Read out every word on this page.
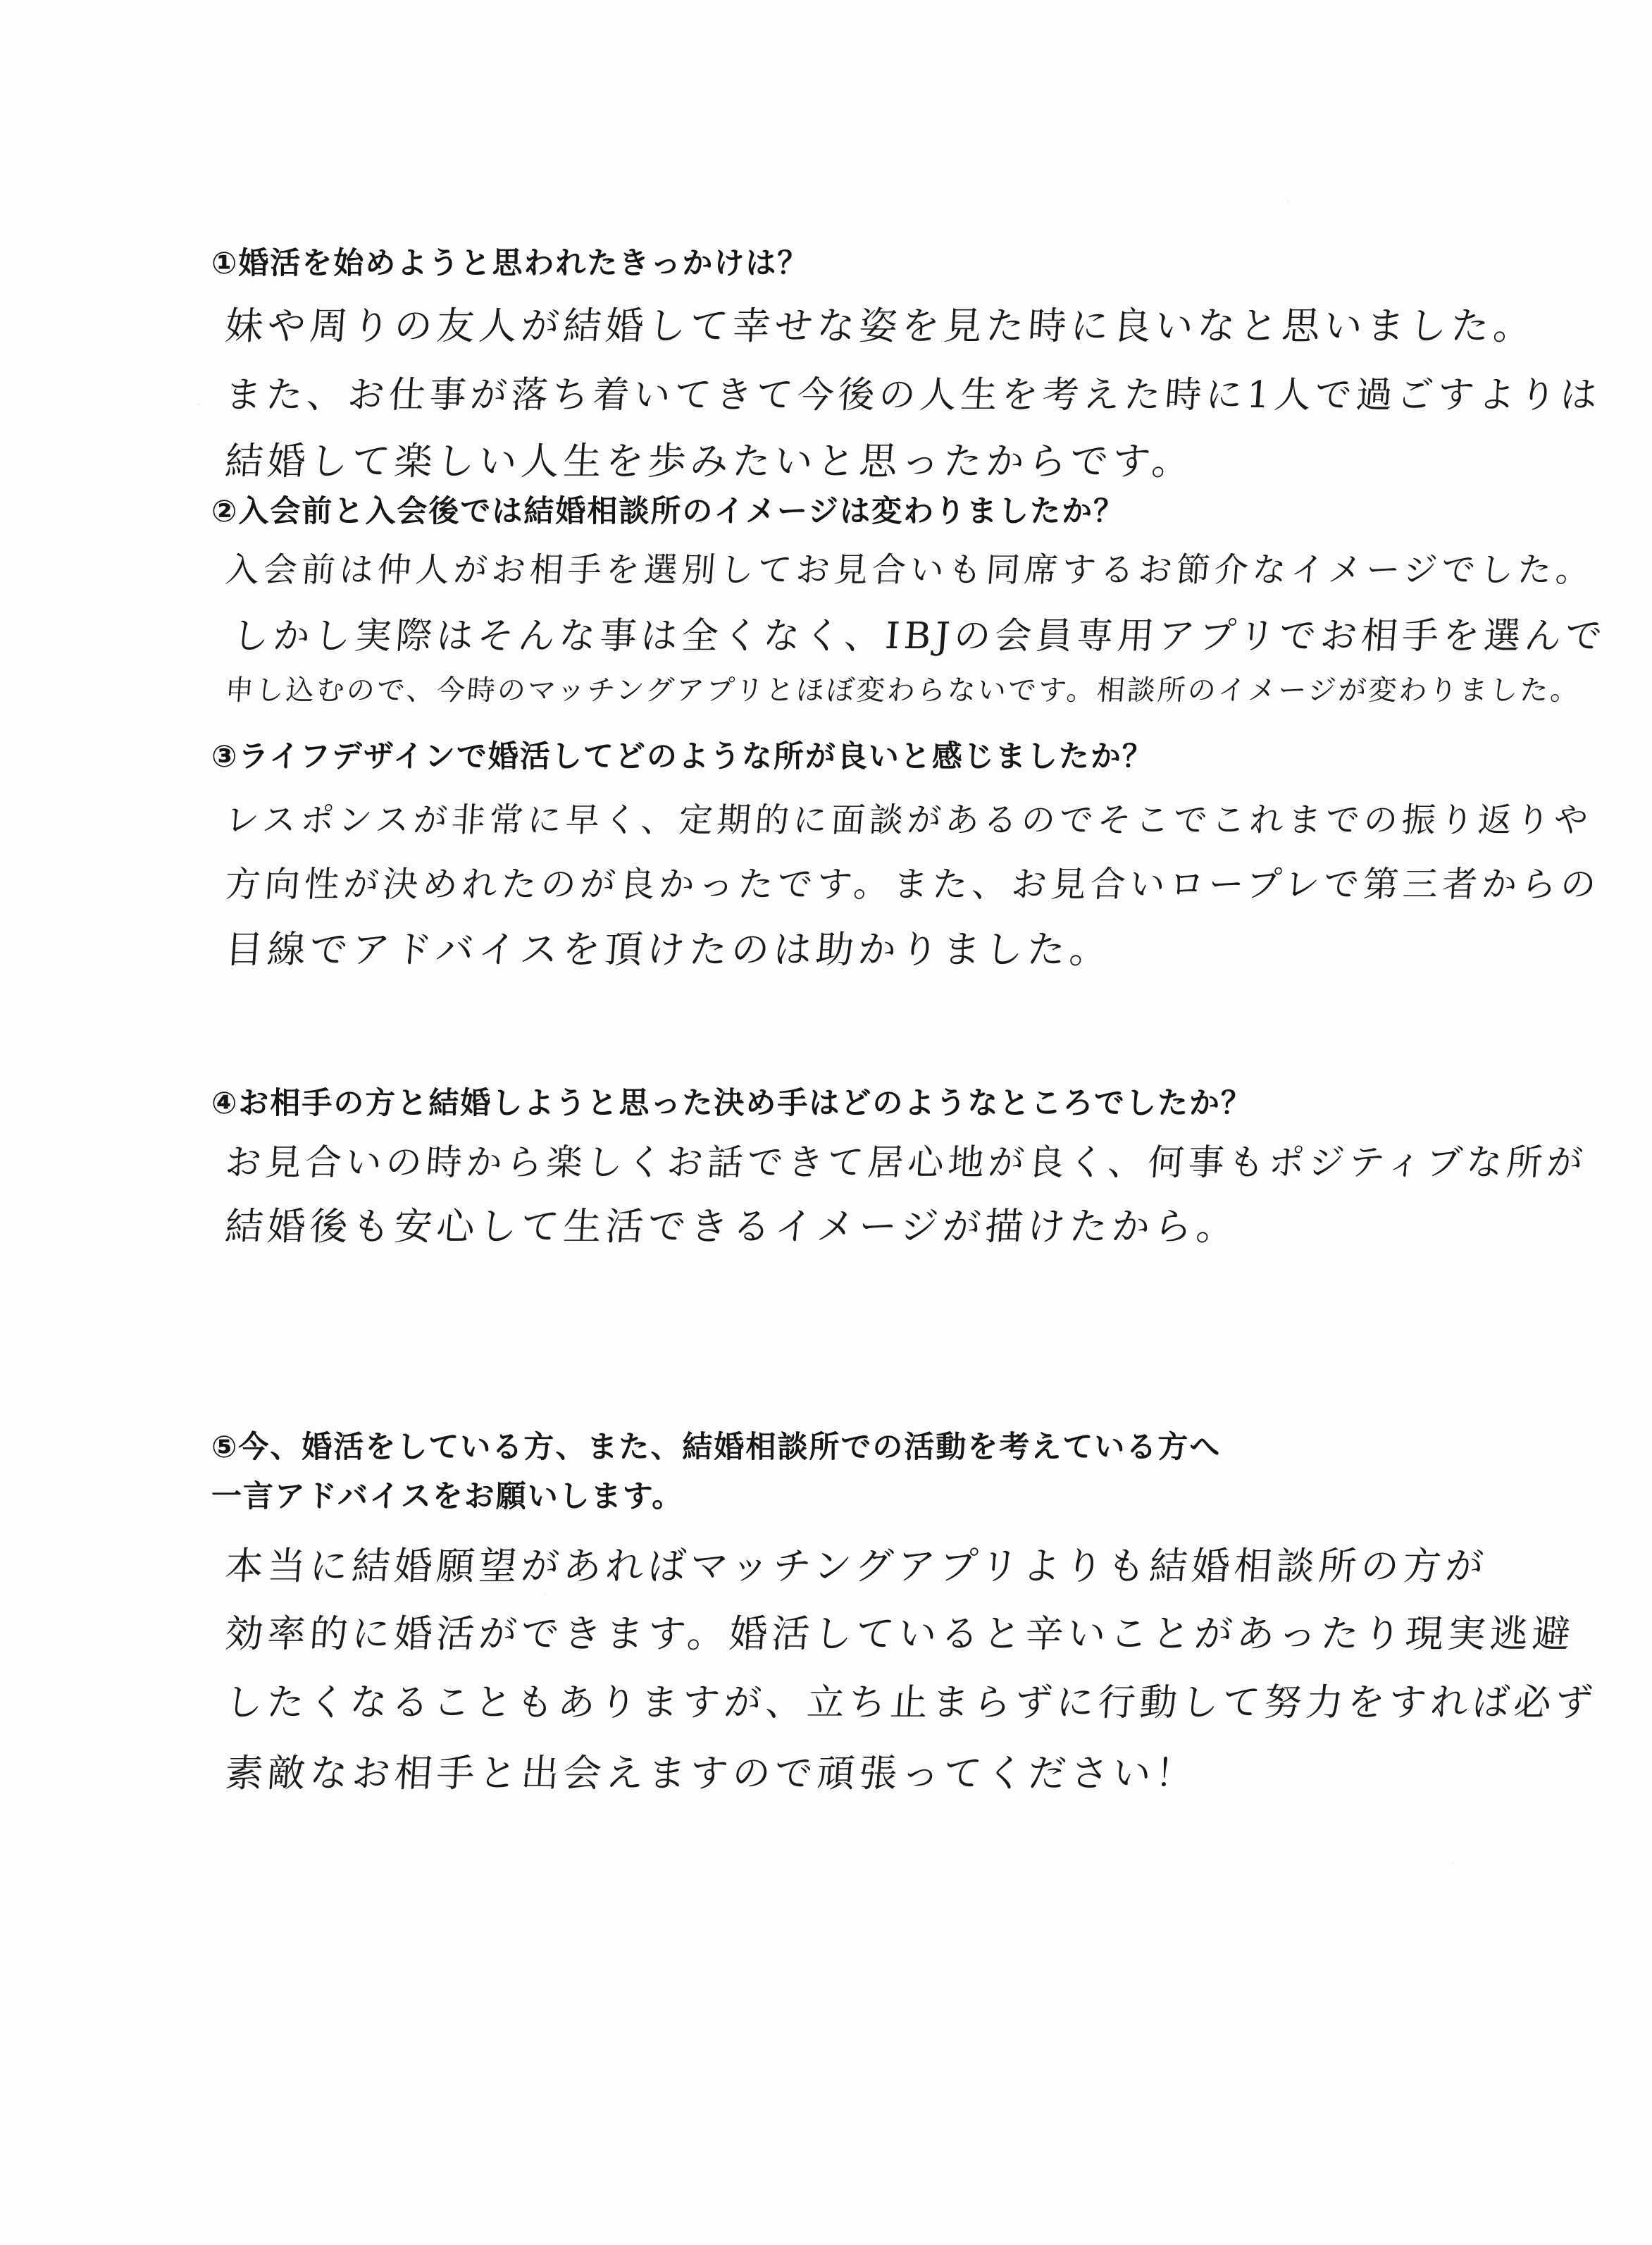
①婚活を始めようと思われたきっかけは？
妹や周りの友人が結婚して幸せな姿を見た時に良いなと思いました。
また、お仕事が落ち着いてきて今後の人生を考えた時に1人で過ごすよりは
結婚して楽しい人生を歩みたいと思ったからです。
②入会前と入会後では結婚相談所のイメージは変わりましたか？
入会前は仲人がお相手を選別してお見合いも同席するお節介なイメージでした。
しかし実際はそんな事は全くなく、IBJの会員専用アプリでお相手を選んで
申し込むので、今時のマッチングアプリとほぼ変わらないです。相談所のイメージが変わりました。
③ライフデザインで婚活してどのような所が良いと感じましたか？
レスポンスが非常に早く、定期的に面談があるのでそこでこれまでの振り返りや
方向性が決めれたのが良かったです。また、お見合いロープレで第三者からの
目線でアドバイスを頂けたのは助かりました。
④お相手の方と結婚しようと思った決め手はどのようなところでしたか？
お見合いの時から楽しくお話できて居心地が良く、何事もポジティブな所が
結婚後も安心して生活できるイメージが描けたから。
⑤今、婚活をしている方、また、結婚相談所での活動を考えている方へ
一言アドバイスをお願いします。
本当に結婚願望があればマッチングアプリよりも結婚相談所の方が
効率的に婚活ができます。婚活していると辛いことがあったり現実逃避
したくなることもありますが、立ち止まらずに行動して努力をすれば必ず
素敵なお相手と出会えますので頑張ってください！
